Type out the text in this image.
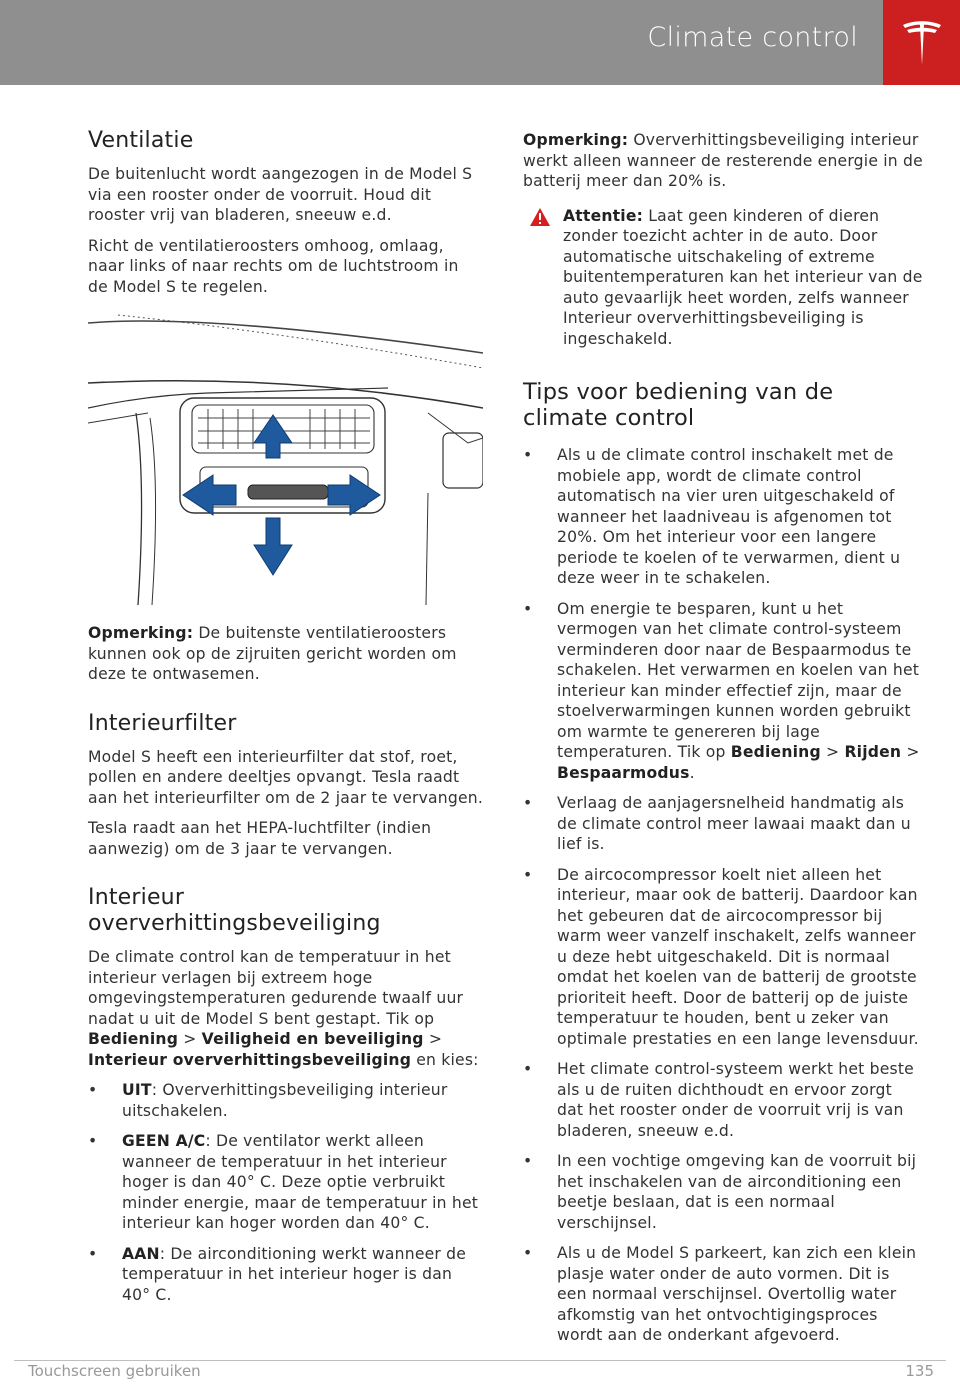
Climate control
Ventilatie

De buitenlucht wordt aangezogen in de Model S via een rooster onder de voorruit. Houd dit rooster vrij van bladeren, sneeuw e.d.

Richt de ventilatieroosters omhoog, omlaag, naar links of naar rechts om de luchtstroom in de Model S te regelen.

Opmerking: De buitenste ventilatieroosters kunnen ook op de zijruiten gericht worden om deze te ontwasemen.

Interieurfilter

Model S heeft een interieurfilter dat stof, roet, pollen en andere deeltjes opvangt. Tesla raadt aan het interieurfilter om de 2 jaar te vervangen.

Tesla raadt aan het HEPA-luchtfilter (indien aanwezig) om de 3 jaar te vervangen.

Interieur oververhittingsbeveiliging

De climate control kan de temperatuur in het interieur verlagen bij extreem hoge omgevingstemperaturen gedurende twaalf uur nadat u uit de Model S bent gestapt. Tik op Bediening > Veiligheid en beveiliging > Interieur oververhittingsbeveiliging en kies:

• UIT: Oververhittingsbeveiliging interieur uitschakelen.
• GEEN A/C: De ventilator werkt alleen wanneer de temperatuur in het interieur hoger is dan 40° C. Deze optie verbruikt minder energie, maar de temperatuur in het interieur kan hoger worden dan 40° C.
• AAN: De airconditioning werkt wanneer de temperatuur in het interieur hoger is dan 40° C.

Opmerking: Oververhittingsbeveiliging interieur werkt alleen wanneer de resterende energie in de batterij meer dan 20% is.

Attentie: Laat geen kinderen of dieren zonder toezicht achter in de auto. Door automatische uitschakeling of extreme buitentemperaturen kan het interieur van de auto gevaarlijk heet worden, zelfs wanneer Interieur oververhittingsbeveiliging is ingeschakeld.
Tips voor bediening van de climate control
• Als u de climate control inschakelt met de mobiele app, wordt de climate control automatisch na vier uren uitgeschakeld of wanneer het laadniveau is afgenomen tot 20%. Om het interieur voor een langere periode te koelen of te verwarmen, dient u deze weer in te schakelen.
• Om energie te besparen, kunt u het vermogen van het climate control-systeem verminderen door naar de Bespaarmodus te schakelen. Het verwarmen en koelen van het interieur kan minder effectief zijn, maar de stoelverwarmingen kunnen worden gebruikt om warmte te genereren bij lage temperaturen. Tik op Bediening > Rijden > Bespaarmodus.
• Verlaag de aanjagersnelheid handmatig als de climate control meer lawaai maakt dan u lief is.
• De aircocompressor koelt niet alleen het interieur, maar ook de batterij. Daardoor kan het gebeuren dat de aircocompressor bij warm weer vanzelf inschakelt, zelfs wanneer u deze hebt uitgeschakeld. Dit is normaal omdat het koelen van de batterij de grootste prioriteit heeft. Door de batterij op de juiste temperatuur te houden, bent u zeker van optimale prestaties en een lange levensduur.
• Het climate control-systeem werkt het beste als u de ruiten dichthoudt en ervoor zorgt dat het rooster onder de voorruit vrij is van bladeren, sneeuw e.d.
• In een vochtige omgeving kan de voorruit bij het inschakelen van de airconditioning een beetje beslaan, dat is een normaal verschijnsel.
• Als u de Model S parkeert, kan zich een klein plasje water onder de auto vormen. Dit is een normaal verschijnsel. Overtollig water afkomstig van het ontvochtigingsproces wordt aan de onderkant afgevoerd.
Touchscreen gebruiken	135
